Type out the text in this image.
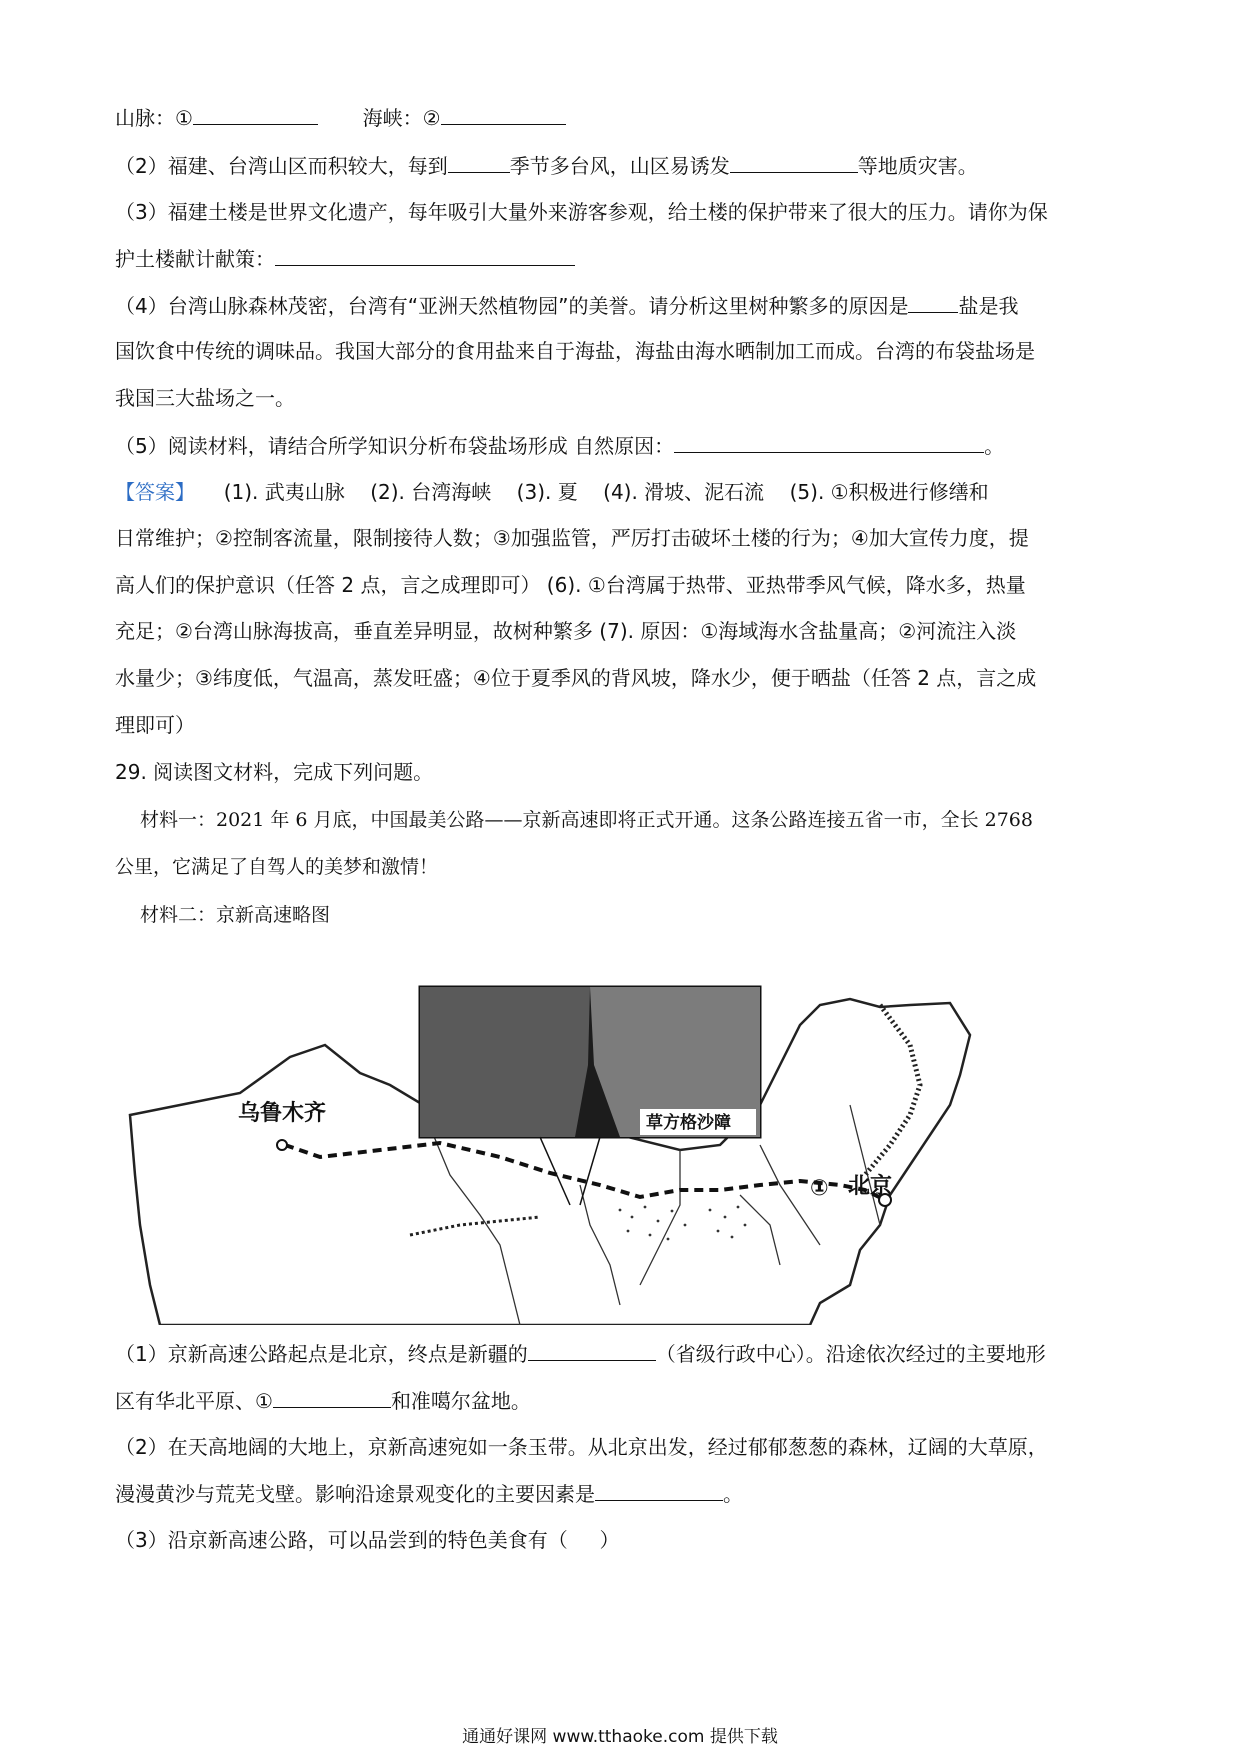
山脉：①	海峡：②
（2）福建、台湾山区而积较大，每到	季节多台风，山区易诱发	等地质灾害。
（3）福建土楼是世界文化遗产，每年吸引大量外来游客参观，给土楼的保护带来了很大的压力。请你为保
护土楼献计献策：
（4）台湾山脉森林茂密，台湾有“亚洲天然植物园”的美誉。请分析这里树种繁多的原因是	盐是我
国饮食中传统的调味品。我国大部分的食用盐来自于海盐，海盐由海水晒制加工而成。台湾的布袋盐场是
我国三大盐场之一。
（5）阅读材料，请结合所学知识分析布袋盐场形成 自然原因：	。
【答案】 (1). 武夷山脉    (2). 台湾海峡    (3). 夏    (4). 滑坡、泥石流    (5). ①积极进行修缮和
日常维护；②控制客流量，限制接待人数；③加强监管，严厉打击破坏土楼的行为；④加大宣传力度，提
高人们的保护意识（任答 2 点，言之成理即可） (6). ①台湾属于热带、亚热带季风气候，降水多，热量
充足；②台湾山脉海拔高，垂直差异明显，故树种繁多 (7). 原因：①海域海水含盐量高；②河流注入淡
水量少；③纬度低，气温高，蒸发旺盛；④位于夏季风的背风坡，降水少，便于晒盐（任答 2 点，言之成
理即可）
29. 阅读图文材料，完成下列问题。
材料一：2021 年 6 月底，中国最美公路——京新高速即将正式开通。这条公路连接五省一市，全长 2768
公里，它满足了自驾人的美梦和激情！
材料二：京新高速略图
乌鲁木齐
北京
①
草方格沙障
（1）京新高速公路起点是北京，终点是新疆的	（省级行政中心）。沿途依次经过的主要地形
区有华北平原、①	和准噶尔盆地。
（2）在天高地阔的大地上，京新高速宛如一条玉带。从北京出发，经过郁郁葱葱的森林，辽阔的大草原，
漫漫黄沙与荒芜戈壁。影响沿途景观变化的主要因素是	。
（3）沿京新高速公路，可以品尝到的特色美食有（     ）
通通好课网 www.tthaoke.com 提供下载
